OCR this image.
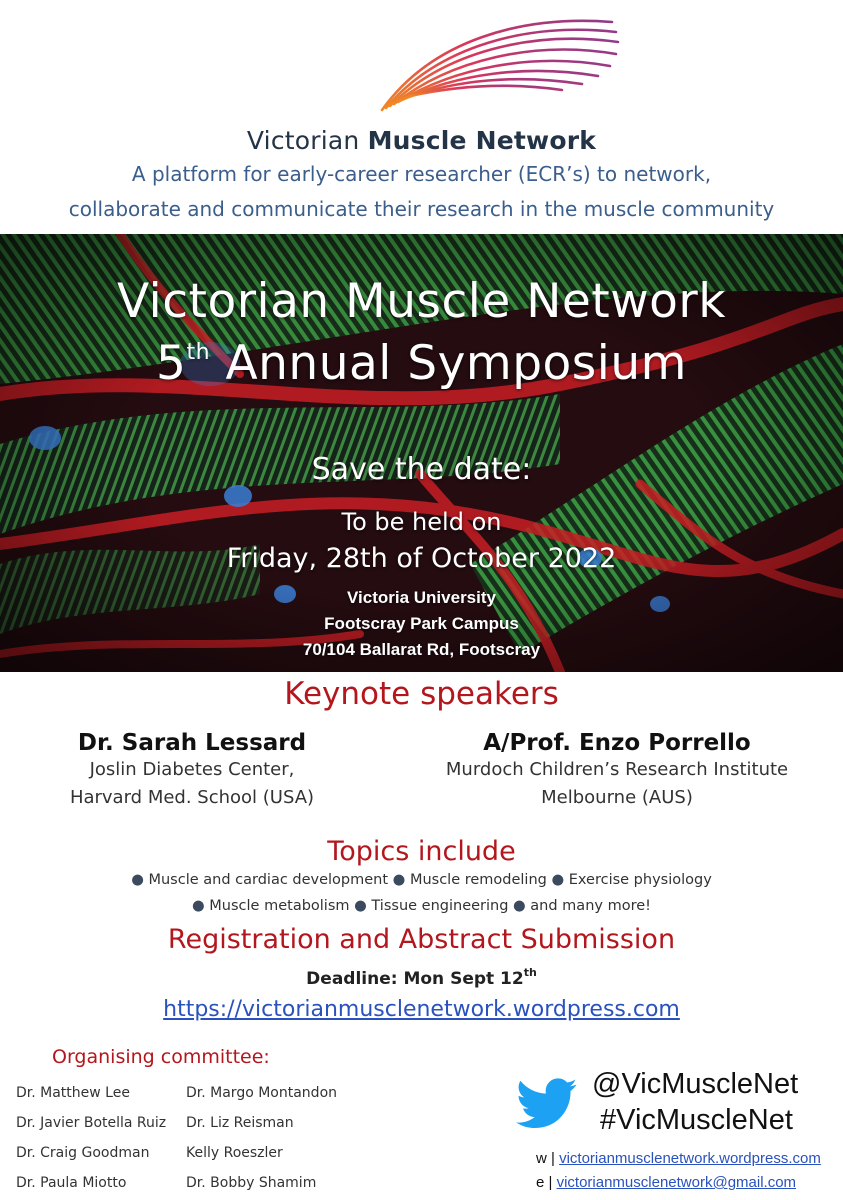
Victorian Muscle Network
A platform for early-career researcher (ECR’s) to network,
collaborate and communicate their research in the muscle community
Victorian Muscle Network
5th Annual Symposium
Save the date:
To be held on
Friday, 28th of October 2022
Victoria University
Footscray Park Campus
70/104 Ballarat Rd, Footscray
Keynote speakers
Dr. Sarah Lessard
Joslin Diabetes Center,
Harvard Med. School (USA)
A/Prof. Enzo Porrello
Murdoch Children’s Research Institute
Melbourne (AUS)
Topics include
● Muscle and cardiac development ● Muscle remodeling ● Exercise physiology
● Muscle metabolism ● Tissue engineering ● and many more!
Registration and Abstract Submission
Deadline: Mon Sept 12th
https://victorianmusclenetwork.wordpress.com
Organising committee:
Dr. Matthew Lee
Dr. Javier Botella Ruiz
Dr. Craig Goodman
Dr. Paula Miotto
Dr. Margo Montandon
Dr. Liz Reisman
Kelly Roeszler
Dr. Bobby Shamim
@VicMuscleNet
#VicMuscleNet
w | victorianmusclenetwork.wordpress.com
e | victorianmusclenetwork@gmail.com
